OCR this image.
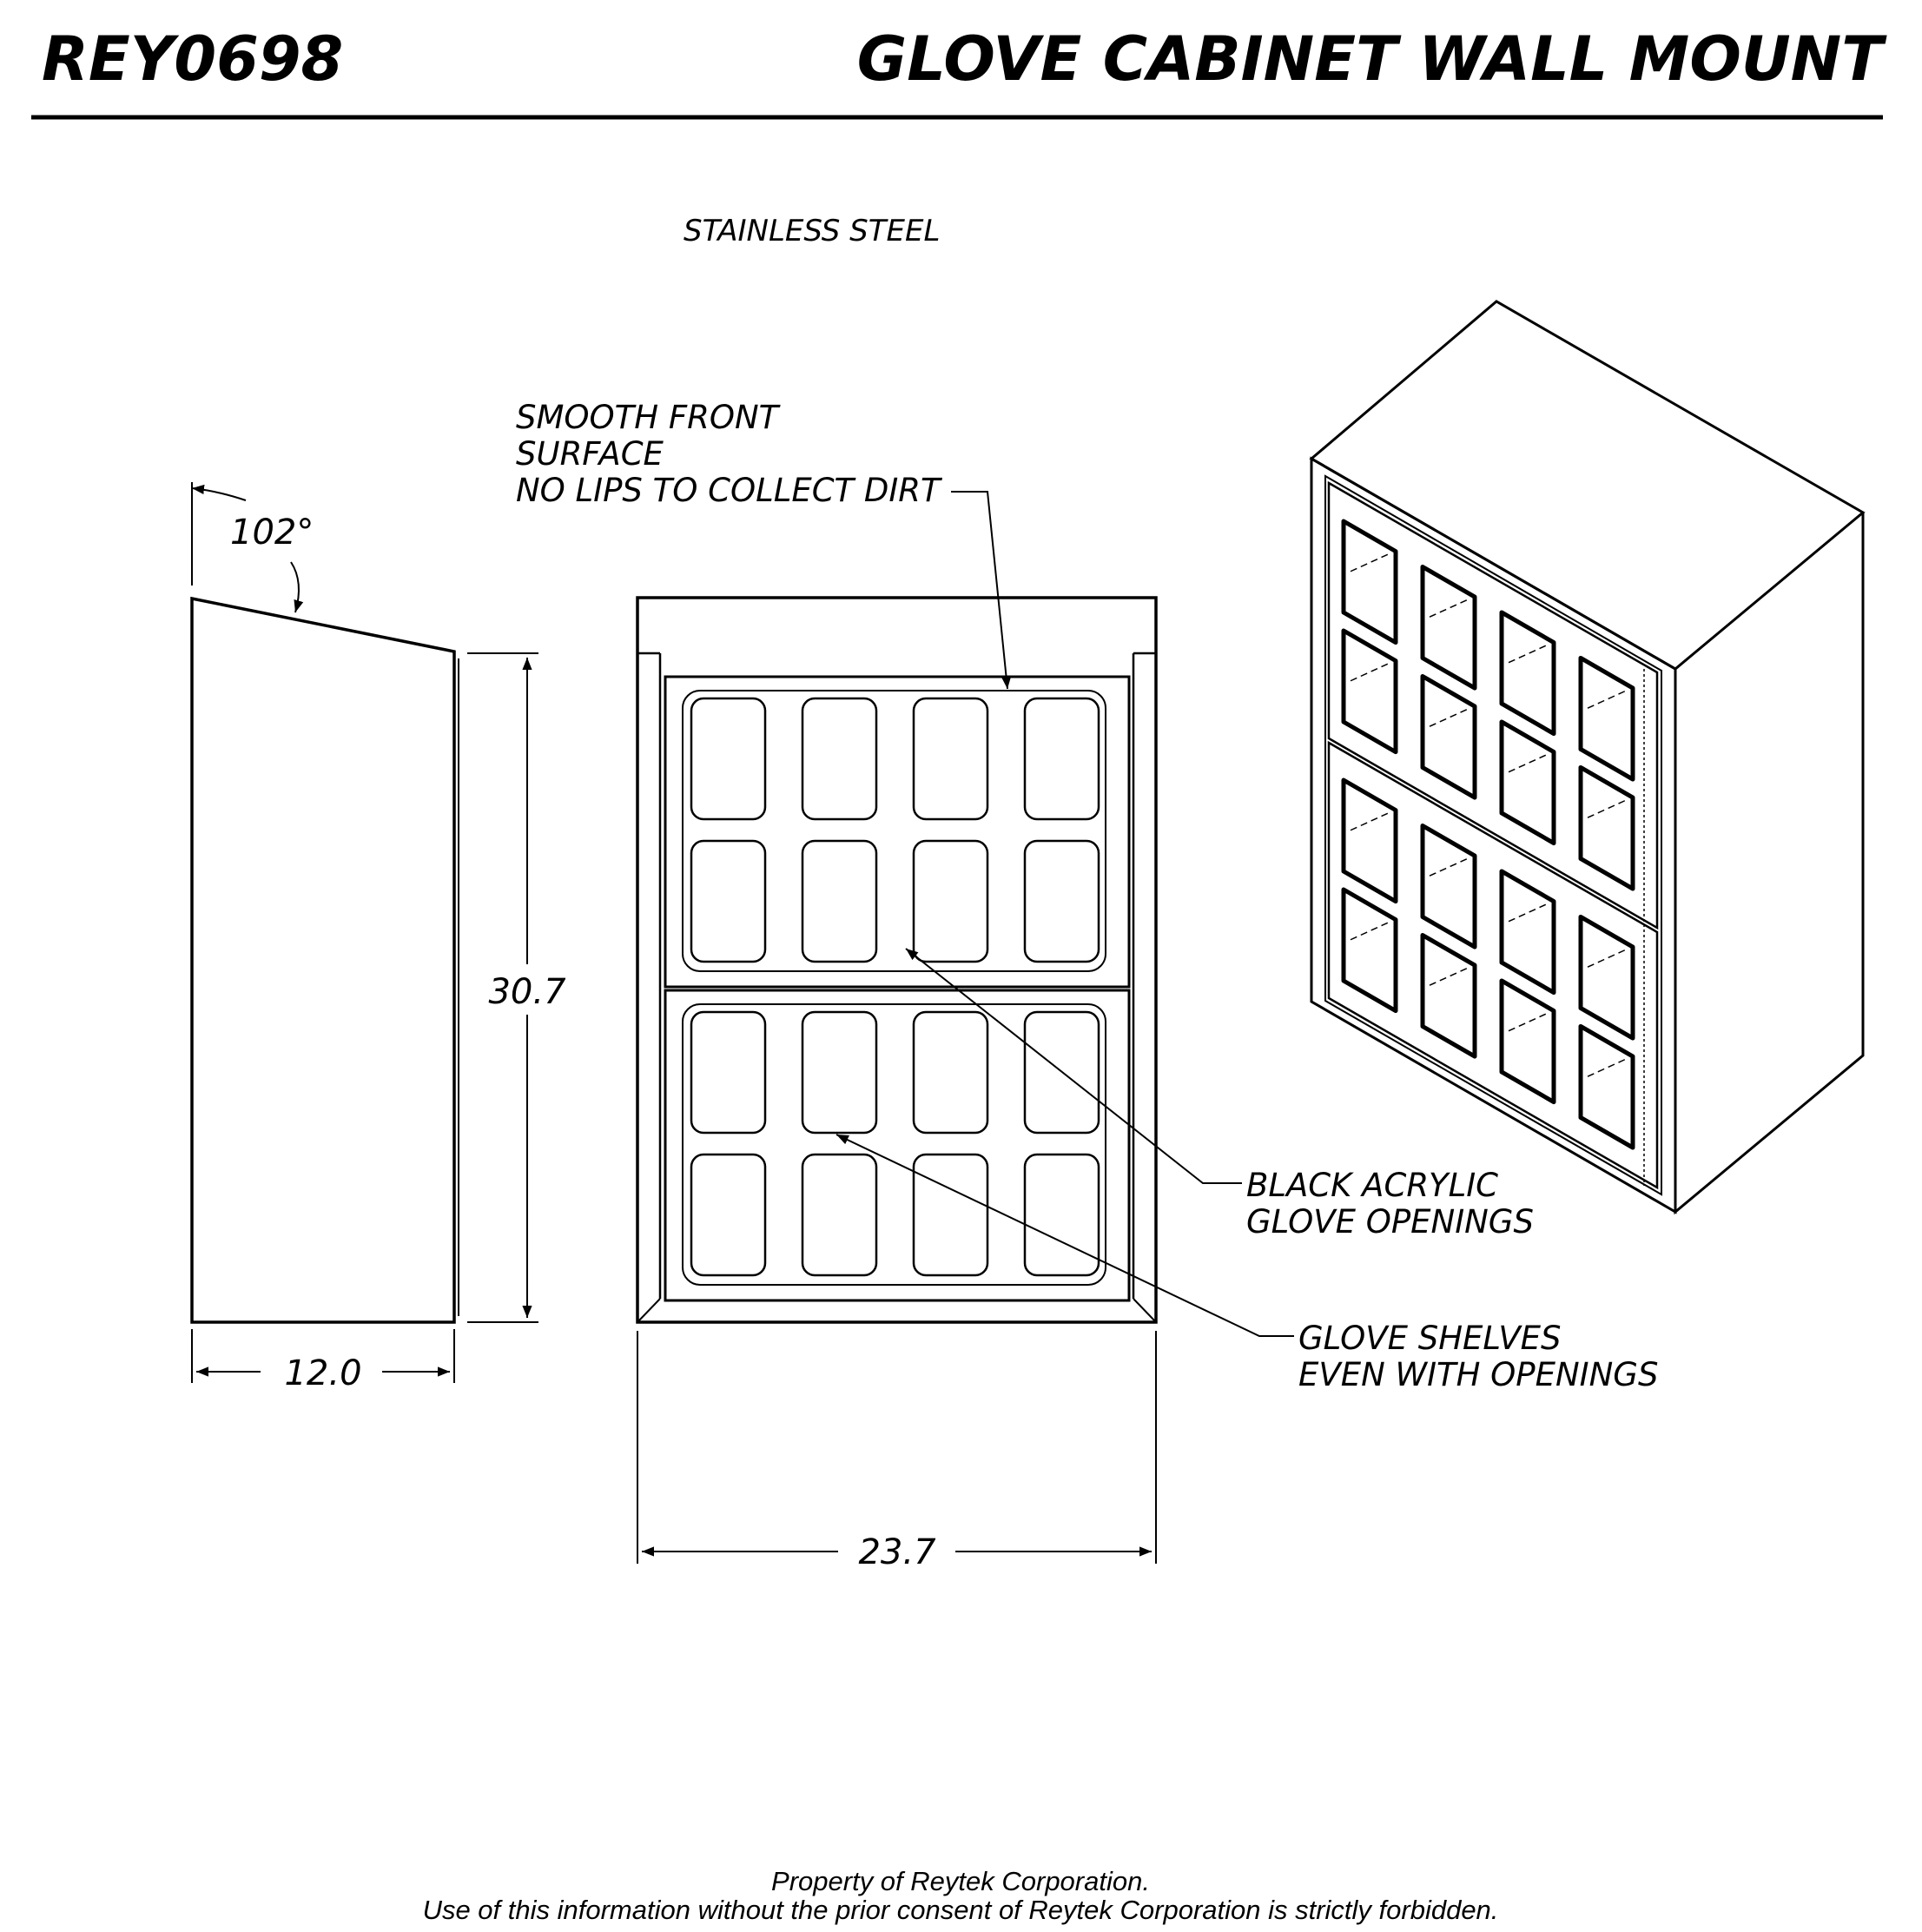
REY0698	GLOVE CABINET WALL MOUNT
STAINLESS STEEL
102°
30.7
12.0
23.7
SMOOTH FRONT
SURFACE
NO LIPS TO COLLECT DIRT
BLACK ACRYLIC
GLOVE OPENINGS
GLOVE SHELVES
EVEN WITH OPENINGS
Property of Reytek Corporation.
Use of this information without the prior consent of Reytek Corporation is strictly forbidden.
